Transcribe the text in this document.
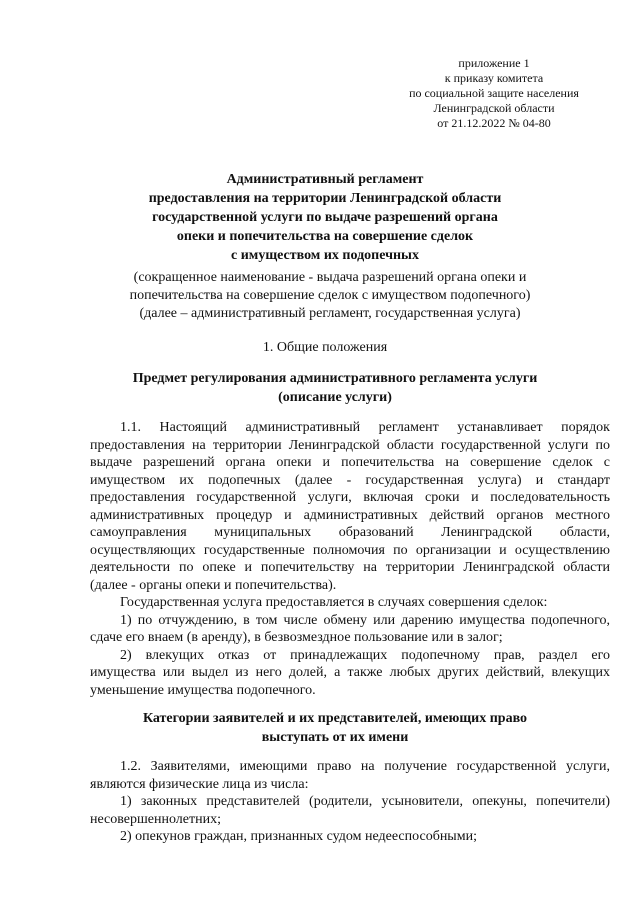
приложение 1
к приказу комитета
по социальной защите населения
Ленинградской области
от 21.12.2022 № 04-80
Административный регламент
предоставления на территории Ленинградской области
государственной услуги по выдаче разрешений органа
опеки и попечительства на совершение сделок
с имуществом их подопечных
(сокращенное наименование - выдача разрешений органа опеки и
попечительства на совершение сделок с имуществом подопечного)
(далее – административный регламент, государственная услуга)
1. Общие положения
Предмет регулирования административного регламента услуги
(описание услуги)
1.1. Настоящий административный регламент устанавливает порядок
предоставления на территории Ленинградской области государственной услуги по
выдаче разрешений органа опеки и попечительства на совершение сделок с
имуществом их подопечных (далее - государственная услуга) и стандарт
предоставления государственной услуги, включая сроки и последовательность
административных процедур и административных действий органов местного
самоуправления муниципальных образований Ленинградской области,
осуществляющих государственные полномочия по организации и осуществлению
деятельности по опеке и попечительству на территории Ленинградской области
(далее - органы опеки и попечительства).
Государственная услуга предоставляется в случаях совершения сделок:
1) по отчуждению, в том числе обмену или дарению имущества подопечного,
сдаче его внаем (в аренду), в безвозмездное пользование или в залог;
2) влекущих отказ от принадлежащих подопечному прав, раздел его
имущества или выдел из него долей, а также любых других действий, влекущих
уменьшение имущества подопечного.
Категории заявителей и их представителей, имеющих право
выступать от их имени
1.2. Заявителями, имеющими право на получение государственной услуги,
являются физические лица из числа:
1) законных представителей (родители, усыновители, опекуны, попечители)
несовершеннолетних;
2) опекунов граждан, признанных судом недееспособными;
